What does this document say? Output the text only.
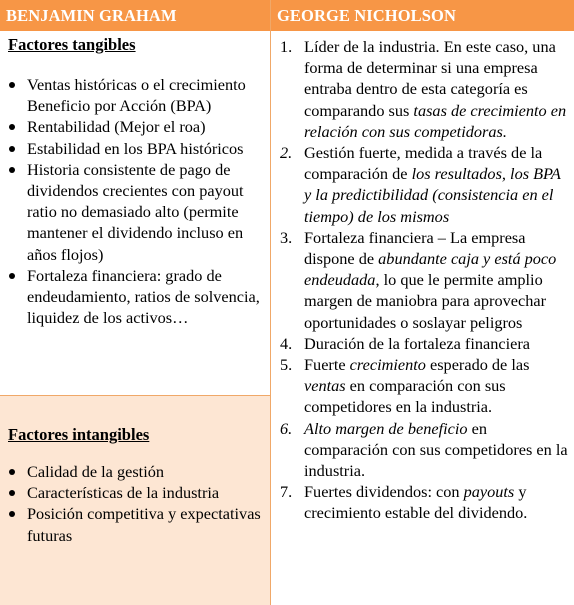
BENJAMIN GRAHAM
Factores tangibles
Ventas históricas o el crecimiento Beneficio por Acción (BPA)
Rentabilidad (Mejor el roa)
Estabilidad en los BPA históricos
Historia consistente de pago de dividendos crecientes con payout ratio no demasiado alto (permite mantener el dividendo incluso en años flojos)
Fortaleza financiera: grado de endeudamiento, ratios de solvencia, liquidez de los activos…
Factores intangibles
Calidad de la gestión
Características de la industria
Posición competitiva y expectativas futuras
GEORGE NICHOLSON
1. Líder de la industria. En este caso, una forma de determinar si una empresa entraba dentro de esta categoría es comparando sus tasas de crecimiento en relación con sus competidoras.
2. Gestión fuerte, medida a través de la comparación de los resultados, los BPA y la predictibilidad (consistencia en el tiempo) de los mismos
3. Fortaleza financiera – La empresa dispone de abundante caja y está poco endeudada, lo que le permite amplio margen de maniobra para aprovechar oportunidades o soslayar peligros
4. Duración de la fortaleza financiera
5. Fuerte crecimiento esperado de las ventas en comparación con sus competidores en la industria.
6. Alto margen de beneficio en comparación con sus competidores en la industria.
7. Fuertes dividendos: con payouts y crecimiento estable del dividendo.
